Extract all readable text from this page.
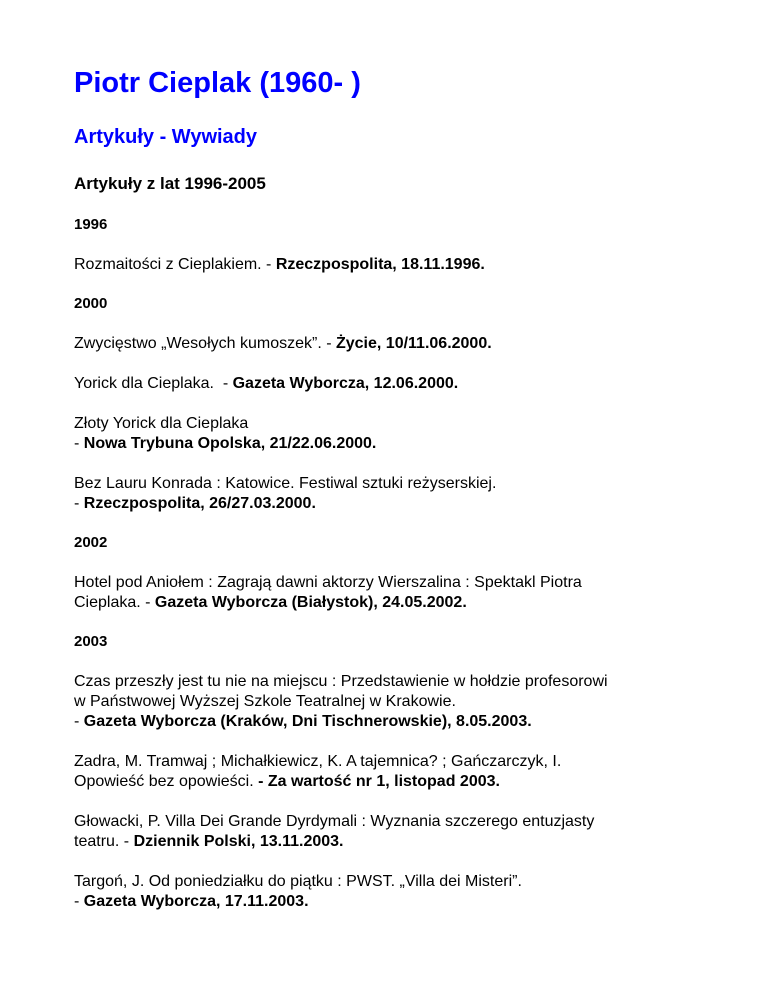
Piotr Cieplak (1960- )
Artykuły - Wywiady
Artykuły z lat 1996-2005
1996
Rozmaitości z Cieplakiem. - Rzeczpospolita, 18.11.1996.
2000
Zwycięstwo „Wesołych kumoszek”. - Życie, 10/11.06.2000.
Yorick dla Cieplaka.  - Gazeta Wyborcza, 12.06.2000.
Złoty Yorick dla Cieplaka
- Nowa Trybuna Opolska, 21/22.06.2000.
Bez Lauru Konrada : Katowice. Festiwal sztuki reżyserskiej.
- Rzeczpospolita, 26/27.03.2000.
2002
Hotel pod Aniołem : Zagrają dawni aktorzy Wierszalina : Spektakl Piotra
Cieplaka. - Gazeta Wyborcza (Białystok), 24.05.2002.
2003
Czas przeszły jest tu nie na miejscu : Przedstawienie w hołdzie profesorowi
w Państwowej Wyższej Szkole Teatralnej w Krakowie.
- Gazeta Wyborcza (Kraków, Dni Tischnerowskie), 8.05.2003.
Zadra, M. Tramwaj ; Michałkiewicz, K. A tajemnica? ; Gańczarczyk, I.
Opowieść bez opowieści. - Za wartość nr 1, listopad 2003.
Głowacki, P. Villa Dei Grande Dyrdymali : Wyznania szczerego entuzjasty
teatru. - Dziennik Polski, 13.11.2003.
Targoń, J. Od poniedziałku do piątku : PWST. „Villa dei Misteri”.
- Gazeta Wyborcza, 17.11.2003.
